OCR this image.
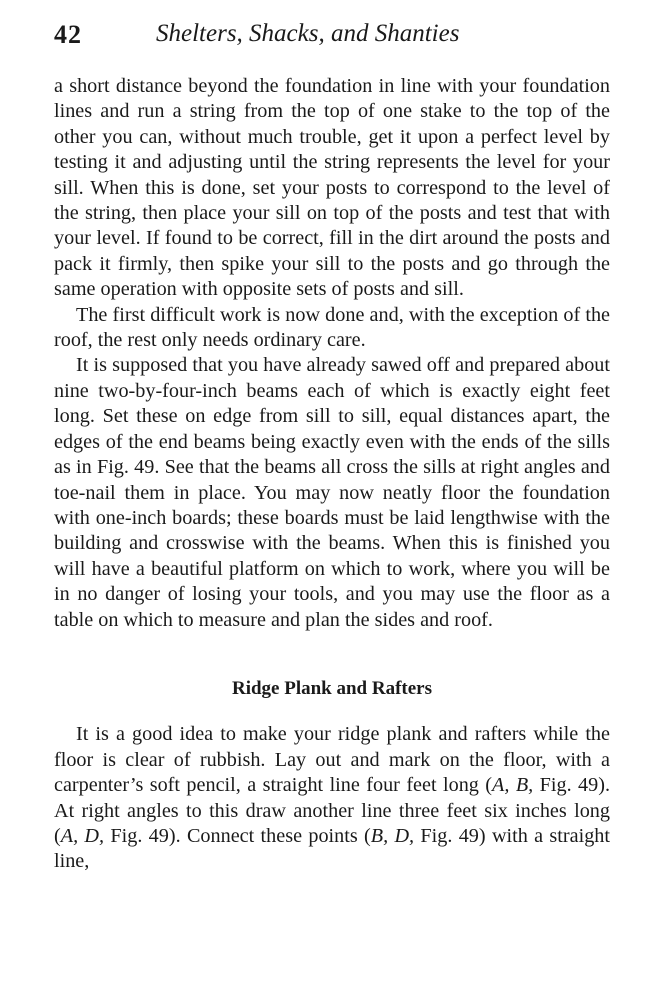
42	Shelters, Shacks, and Shanties

a short distance beyond the foundation in line with your foundation lines and run a string from the top of one stake to the top of the other you can, without much trouble, get it upon a perfect level by testing it and adjusting until the string represents the level for your sill. When this is done, set your posts to correspond to the level of the string, then place your sill on top of the posts and test that with your level. If found to be correct, fill in the dirt around the posts and pack it firmly, then spike your sill to the posts and go through the same operation with opposite sets of posts and sill.

The first difficult work is now done and, with the exception of the roof, the rest only needs ordinary care.

It is supposed that you have already sawed off and prepared about nine two-by-four-inch beams each of which is exactly eight feet long. Set these on edge from sill to sill, equal distances apart, the edges of the end beams being exactly even with the ends of the sills as in Fig. 49. See that the beams all cross the sills at right angles and toe-nail them in place. You may now neatly floor the foundation with one-inch boards; these boards must be laid lengthwise with the building and crosswise with the beams. When this is finished you will have a beautiful platform on which to work, where you will be in no danger of losing your tools, and you may use the floor as a table on which to measure and plan the sides and roof.

Ridge Plank and Rafters

It is a good idea to make your ridge plank and rafters while the floor is clear of rubbish. Lay out and mark on the floor, with a carpenter’s soft pencil, a straight line four feet long (A, B, Fig. 49). At right angles to this draw another line three feet six inches long (A, D, Fig. 49). Connect these points (B, D, Fig. 49) with a straight line,
